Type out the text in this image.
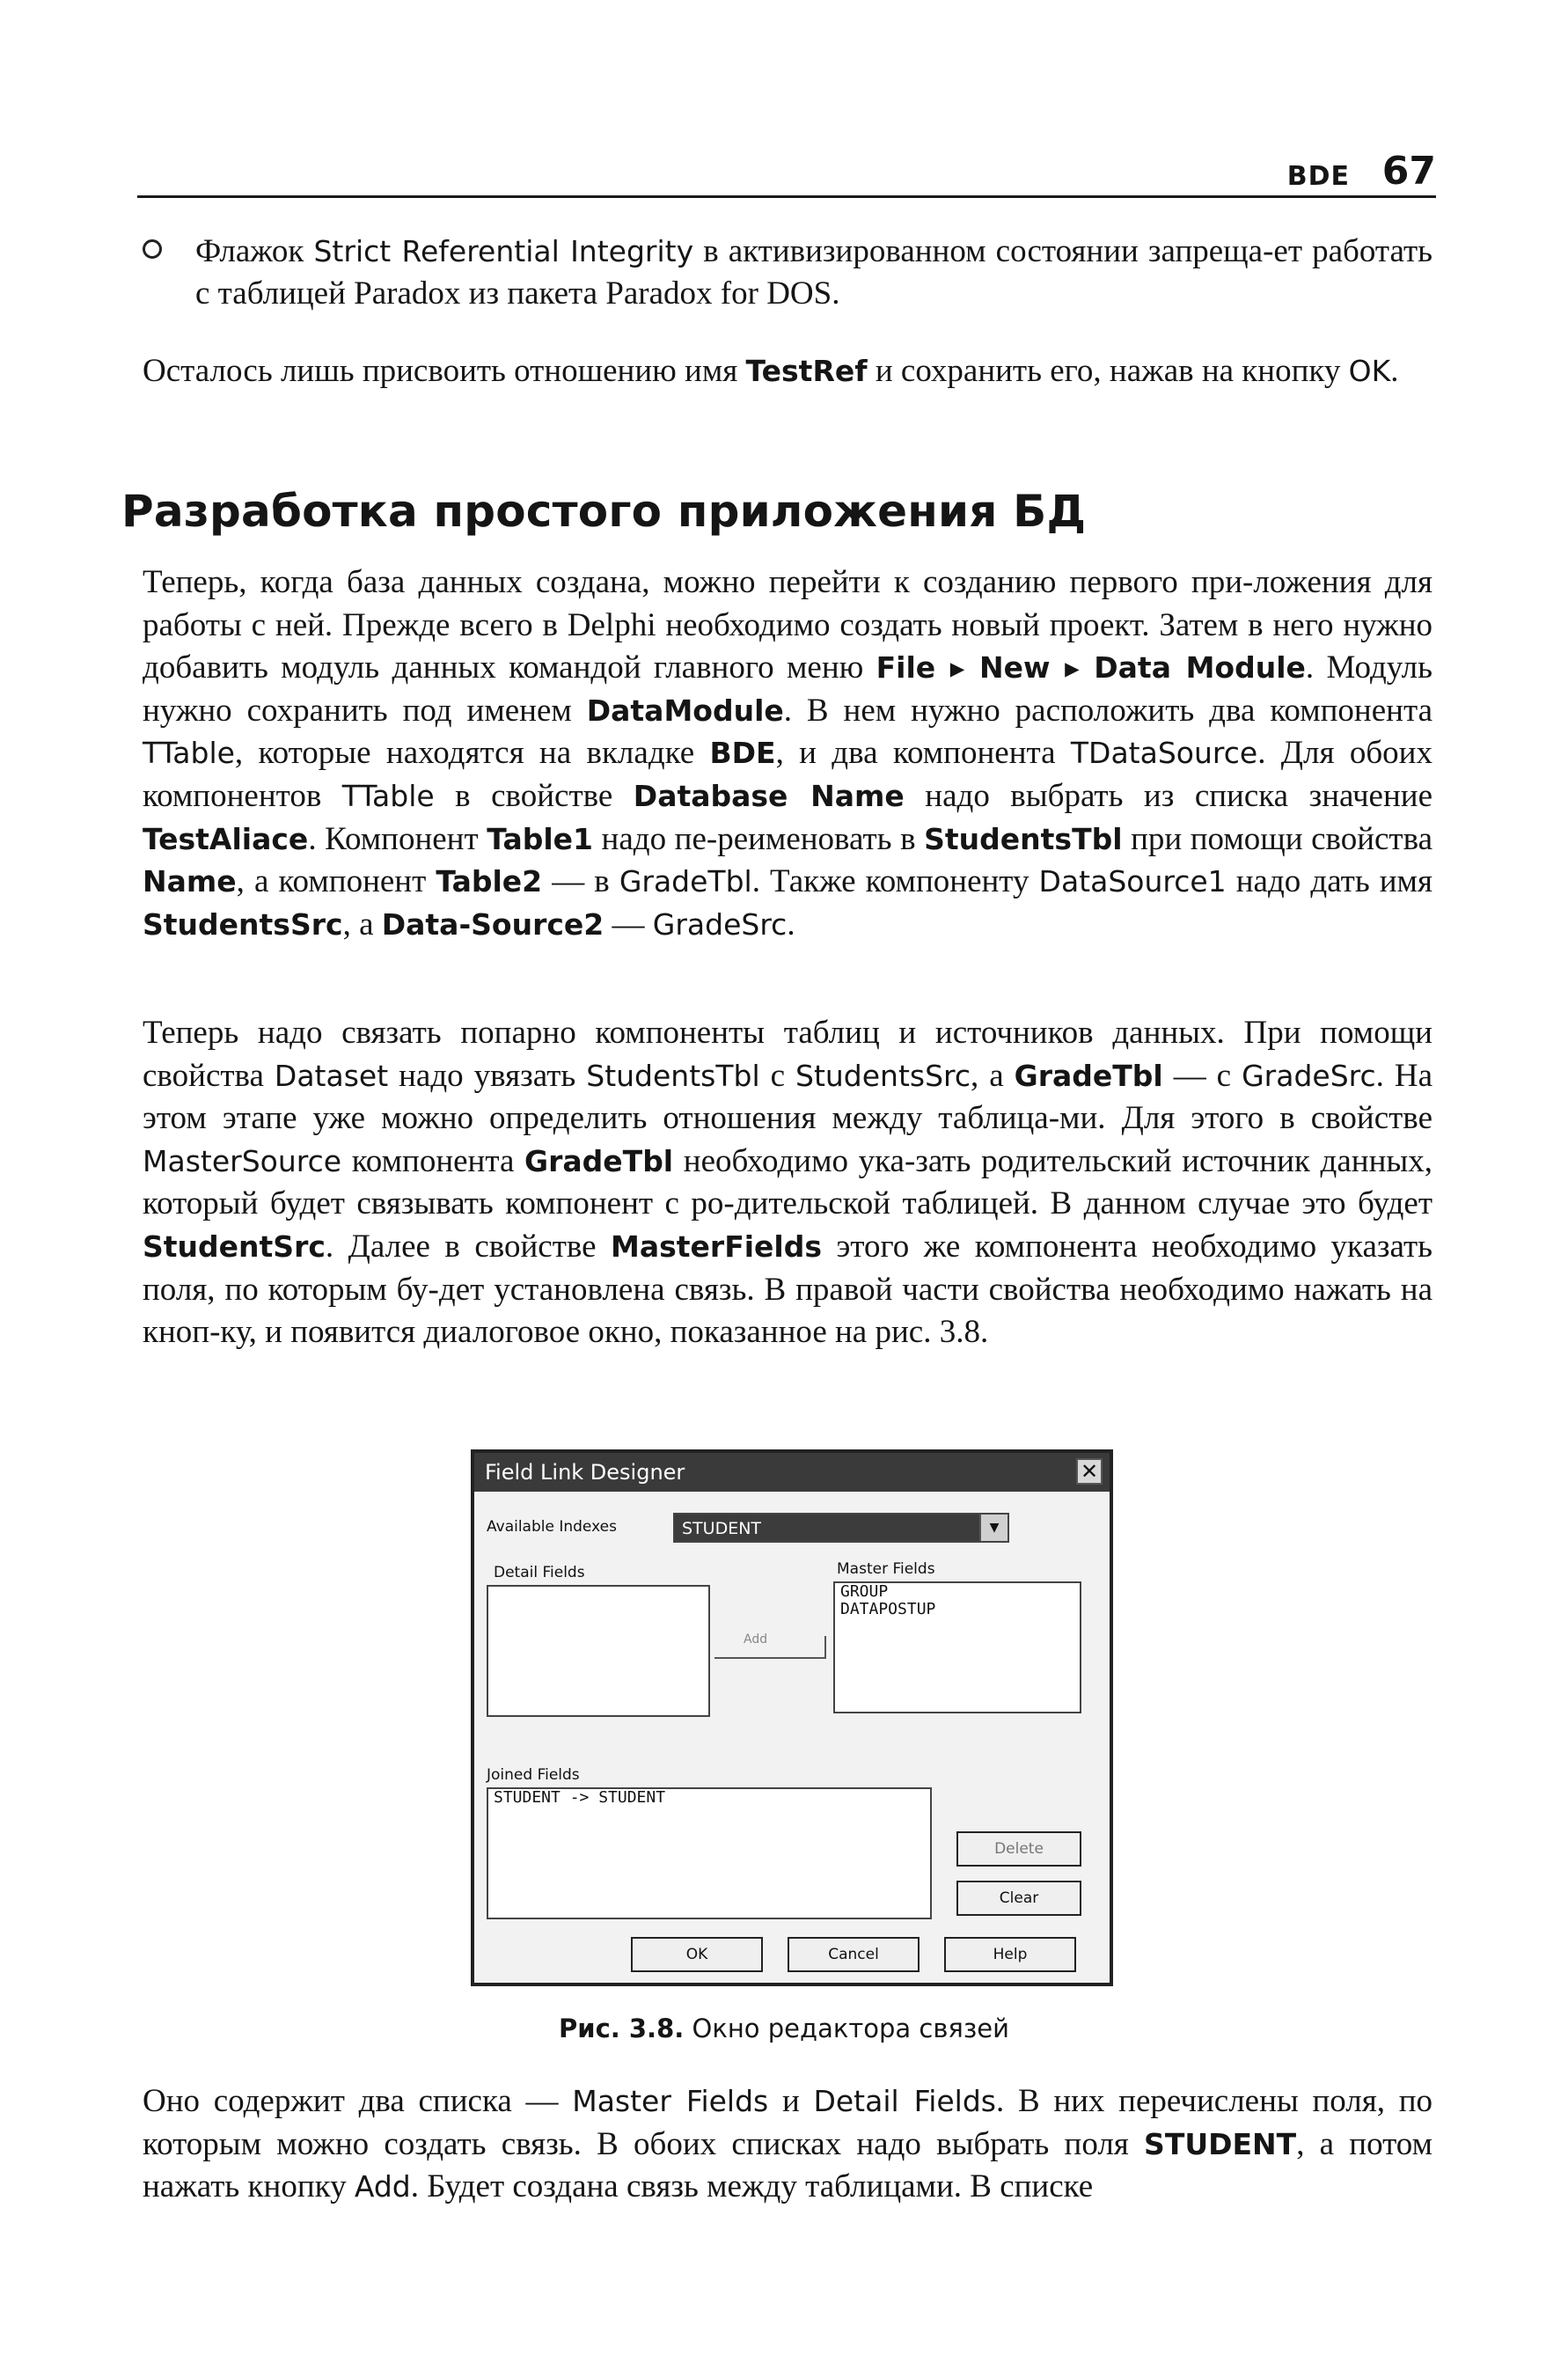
BDE 67

Флажок Strict Referential Integrity в активизированном состоянии запреща-ет работать с таблицей Paradox из пакета Paradox for DOS.

Осталось лишь присвоить отношению имя TestRef и сохранить его, нажав на кнопку OK.

Разработка простого приложения БД

Теперь, когда база данных создана, можно перейти к созданию первого при-ложения для работы с ней. Прежде всего в Delphi необходимо создать новый проект. Затем в него нужно добавить модуль данных командой главного меню File ▸ New ▸ Data Module. Модуль нужно сохранить под именем DataModule. В нем нужно расположить два компонента TTable, которые находятся на вкладке BDE, и два компонента TDataSource. Для обоих компонентов TTable в свойстве Database Name надо выбрать из списка значение TestAliace. Компонент Table1 надо пе-реименовать в StudentsTbl при помощи свойства Name, а компонент Table2 — в GradeTbl. Также компоненту DataSource1 надо дать имя StudentsSrc, а Data-Source2 — GradeSrc.

Теперь надо связать попарно компоненты таблиц и источников данных. При помощи свойства Dataset надо увязать StudentsTbl с StudentsSrc, а GradeTbl — с GradeSrc. На этом этапе уже можно определить отношения между таблица-ми. Для этого в свойстве MasterSource компонента GradeTbl необходимо ука-зать родительский источник данных, который будет связывать компонент с ро-дительской таблицей. В данном случае это будет StudentSrc. Далее в свойстве MasterFields этого же компонента необходимо указать поля, по которым бу-дет установлена связь. В правой части свойства необходимо нажать на кноп-ку, и появится диалоговое окно, показанное на рис. 3.8.

Field Link Designer	✕
Available Indexes	STUDENT	▼
Detail Fields	Master Fields
GROUP
DATAPOSTUP
Add
Joined Fields
STUDENT -> STUDENT
Delete
Clear
OK	Cancel	Help
Рис. 3.8. Окно редактора связей

Оно содержит два списка — Master Fields и Detail Fields. В них перечислены поля, по которым можно создать связь. В обоих списках надо выбрать поля STUDENT, а потом нажать кнопку Add. Будет создана связь между таблицами. В списке
